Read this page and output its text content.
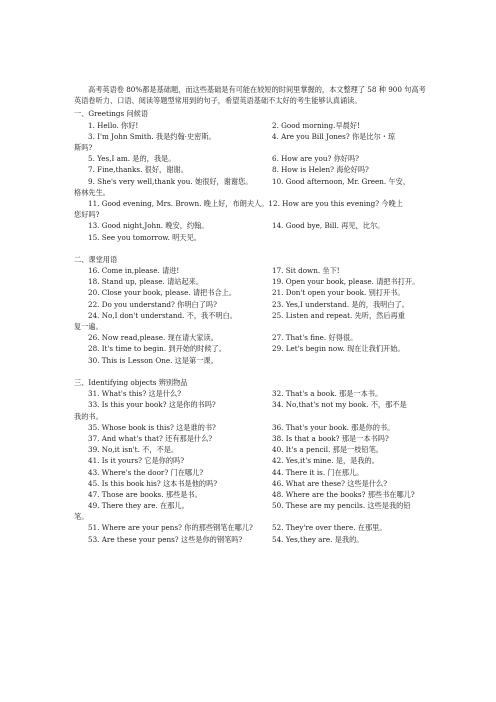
高考英语卷 80%都是基础题，而这些基础是有可能在较短的时间里掌握的，本文整理了 58 种 900 句高考英语卷听力、口语、阅读等题型常用到的句子，希望英语基础不太好的考生能够认真诵读。

一、Greetings 问候语
1. Hello. 你好!	2. Good morning.早晨好!
3. I'm John Smith. 我是约翰·史密斯。	4. Are you Bill Jones? 你是比尔・琼
斯吗?
5. Yes,I am. 是的，我是。	6. How are you? 你好吗?
7. Fine,thanks. 很好，谢谢。	8. How is Helen? 海伦好吗?
9. She's very well,thank you. 她很好，谢谢您。	10. Good afternoon, Mr. Green. 午安，
格林先生。
11. Good evening, Mrs. Brown. 晚上好，布朗夫人。12. How are you this evening? 今晚上
您好吗?
13. Good night,John. 晚安，约翰。	14. Good bye, Bill. 再见，比尔。
15. See you tomorrow. 明天见。
二、课堂用语
16. Come in,please. 请进!	17. Sit down. 坐下!
18. Stand up, please. 请站起来。	19. Open your book, please. 请把书打开。
20. Close your book, please. 请把书合上。	21. Don't open your book. 别打开书。
22. Do you understand? 你明白了吗?	23. Yes,I understand. 是的，我明白了。
24. No,I don't understand. 不，我不明白。	25. Listen and repeat. 先听，然后再重
复一遍。
26. Now read,please. 现在请大家读。	27. That's fine. 好得很。
28. It's time to begin. 到开始的时候了。	29. Let's begin now. 现在让我们开始。
30. This is Lesson One. 这是第一课。
三、Identifying objects 辨别物品
31. What's this? 这是什么?	32. That's a book. 那是一本书。
33. Is this your book? 这是你的书吗?	34. No,that's not my book. 不，那不是
我的书。
35. Whose book is this? 这是谁的书?	36. That's your book. 那是你的书。
37. And what's that? 还有那是什么?	38. Is that a book? 那是一本书吗?
39. No,it isn't. 不，不是。	40. It's a pencil. 那是一枝铅笔。
41. Is it yours? 它是你的吗?	42. Yes,it's mine. 是，是我的。
43. Where's the door? 门在哪儿?	44. There it is. 门在那儿。
45. Is this book his? 这本书是他的吗?	46. What are these? 这些是什么?
47. Those are books. 那些是书。	48. Where are the books? 那些书在哪儿?
49. There they are. 在那儿。	50. These are my pencils. 这些是我的铅
笔。
51. Where are your pens? 你的那些钢笔在哪儿?	52. They're over there. 在那里。
53. Are these your pens? 这些是你的钢笔吗?	54. Yes,they are. 是我的。
